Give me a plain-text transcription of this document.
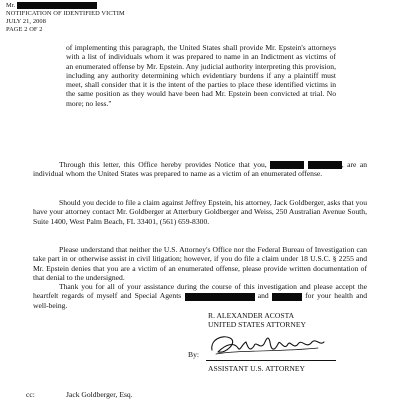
Mr.
NOTIFICATION OF IDENTIFIED VICTIM
JULY 21, 2008
PAGE 2 OF 2
of implementing this paragraph, the United States shall provide Mr. Epstein's attorneys with a list of individuals whom it was prepared to name in an Indictment as victims of an enumerated offense by Mr. Epstein. Any judicial authority interpreting this provision, including any authority determining which evidentiary burdens if any a plaintiff must meet, shall consider that it is the intent of the parties to place these identified victims in the same position as they would have been had Mr. Epstein been convicted at trial. No more; no less."
Through this letter, this Office hereby provides Notice that you,	, are an individual whom the United States was prepared to name as a victim of an enumerated offense.
Should you decide to file a claim against Jeffrey Epstein, his attorney, Jack Goldberger, asks that you have your attorney contact Mr. Goldberger at Atterbury Goldberger and Weiss, 250 Australian Avenue South, Suite 1400, West Palm Beach, FL 33401, (561) 659-8300.
Please understand that neither the U.S. Attorney's Office nor the Federal Bureau of Investigation can take part in or otherwise assist in civil litigation; however, if you do file a claim under 18 U.S.C. § 2255 and Mr. Epstein denies that you are a victim of an enumerated offense, please provide written documentation of that denial to the undersigned.
Thank you for all of your assistance during the course of this investigation and please accept the heartfelt regards of myself and Special Agents	and	for your health and well-being.
R. ALEXANDER ACOSTA
UNITED STATES ATTORNEY
By:
ASSISTANT U.S. ATTORNEY
cc:	Jack Goldberger, Esq.
